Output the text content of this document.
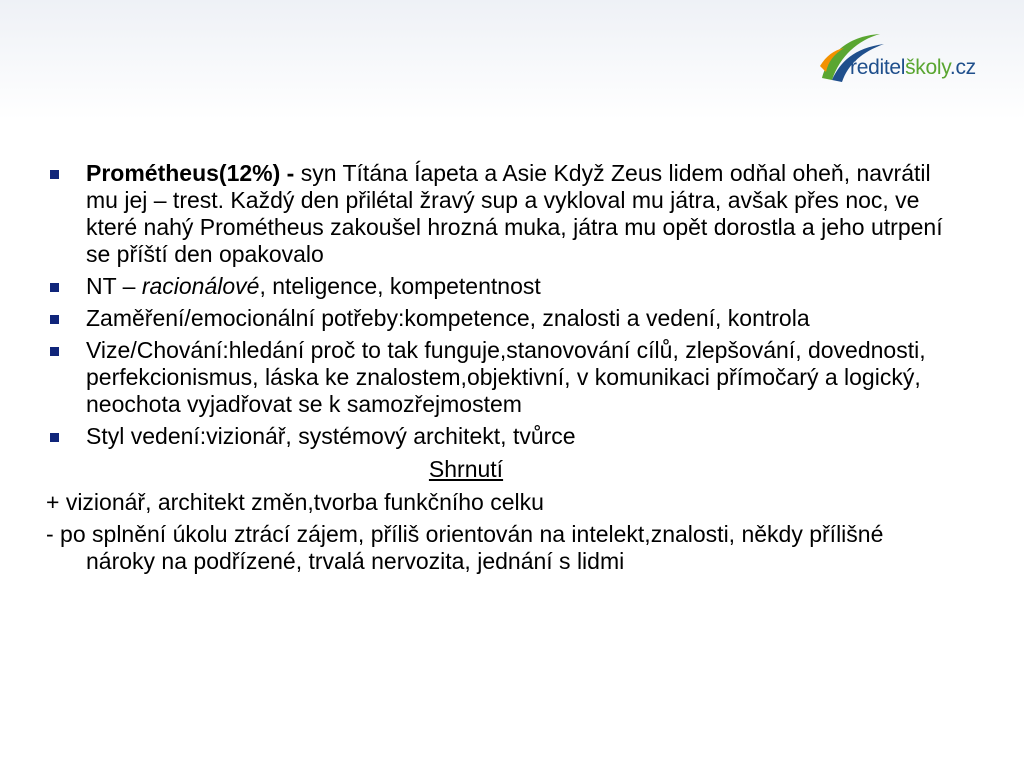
ředitelškoly.cz
Prométheus(12%) - syn Títána Íapeta a Asie Když Zeus lidem odňal oheň, navrátil mu jej – trest. Každý den přilétal žravý sup a vykloval mu játra, avšak přes noc, ve které nahý Prométheus zakoušel hrozná muka, játra mu opět dorostla a jeho utrpení se příští den opakovalo
NT – racionálové, nteligence, kompetentnost
Zaměření/emocionální potřeby:kompetence, znalosti a vedení, kontrola
Vize/Chování:hledání proč to tak funguje,stanovování cílů, zlepšování, dovednosti, perfekcionismus, láska ke znalostem,objektivní, v komunikaci přímočarý a logický, neochota vyjadřovat se k samozřejmostem
Styl vedení:vizionář, systémový architekt, tvůrce
Shrnutí
+ vizionář, architekt změn,tvorba funkčního celku
- po splnění úkolu ztrácí zájem, příliš orientován na intelekt,znalosti, někdy přílišné nároky na podřízené, trvalá nervozita, jednání s lidmi
